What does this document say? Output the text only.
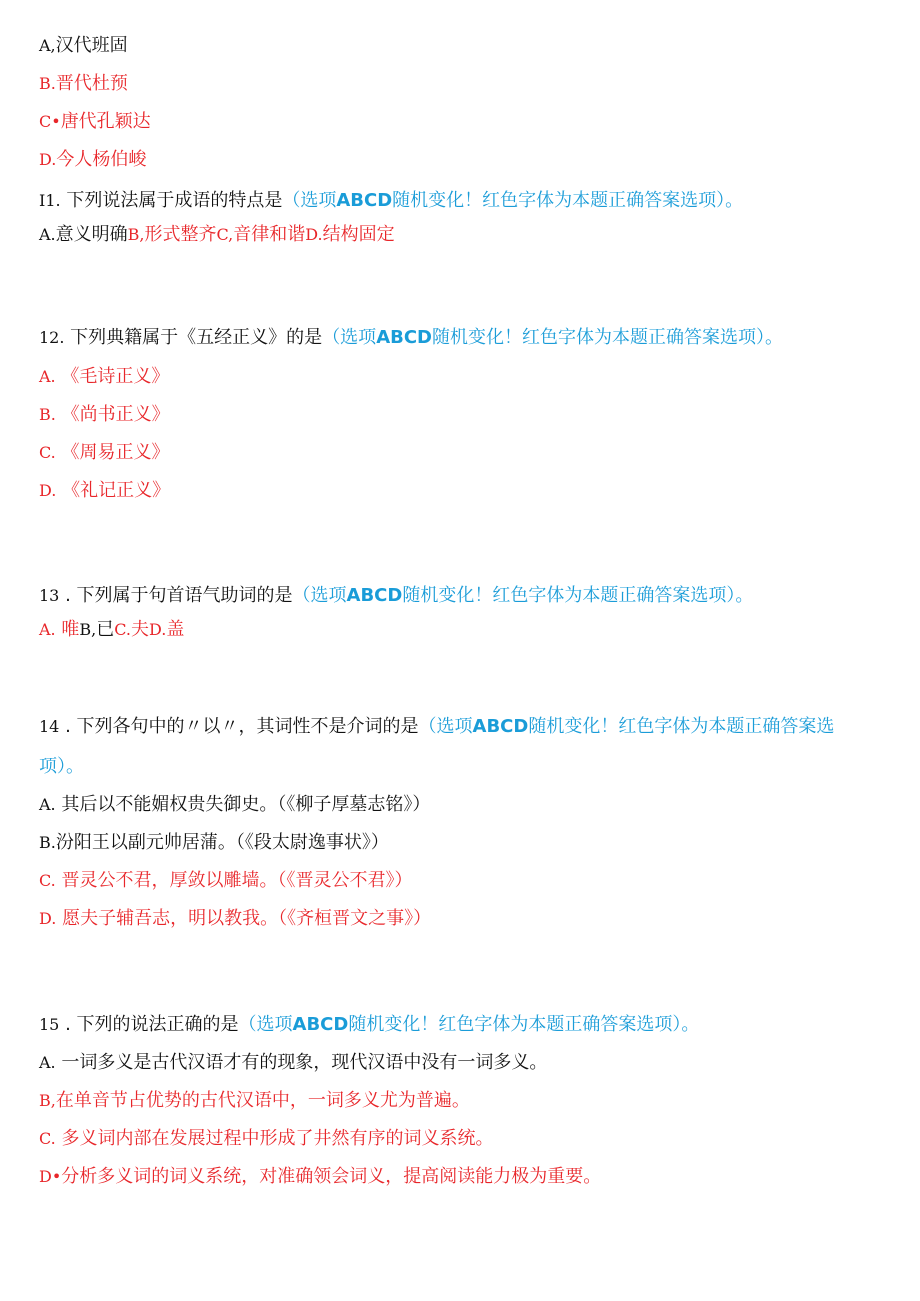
A,汉代班固
B.晋代杜预
C•唐代孔颖达
D.今人杨伯峻
I1. 下列说法属于成语的特点是（选项ABCD随机变化！红色字体为本题正确答案选项）。
A.意义明确B,形式整齐C,音律和谐D.结构固定
12. 下列典籍属于《五经正义》的是（选项ABCD随机变化！红色字体为本题正确答案选项）。
A. 《毛诗正义》
B. 《尚书正义》
C. 《周易正义》
D. 《礼记正义》
13 . 下列属于句首语气助词的是（选项ABCD随机变化！红色字体为本题正确答案选项）。
A. 唯B,已C.夫D.盖
14 . 下列各句中的〃以〃，其词性不是介词的是（选项ABCD随机变化！红色字体为本题正确答案选
项）。
A. 其后以不能媚权贵失御史。（《柳子厚墓志铭》）
B.汾阳王以副元帅居蒲。（《段太尉逸事状》）
C. 晋灵公不君，厚敛以雕墙。（《晋灵公不君》）
D. 愿夫子辅吾志，明以教我。（《齐桓晋文之事》）
15 . 下列的说法正确的是（选项ABCD随机变化！红色字体为本题正确答案选项）。
A. 一词多义是古代汉语才有的现象，现代汉语中没有一词多义。
B,在单音节占优势的古代汉语中，一词多义尤为普遍。
C. 多义词内部在发展过程中形成了井然有序的词义系统。
D•分析多义词的词义系统，对准确领会词义，提高阅读能力极为重要。
